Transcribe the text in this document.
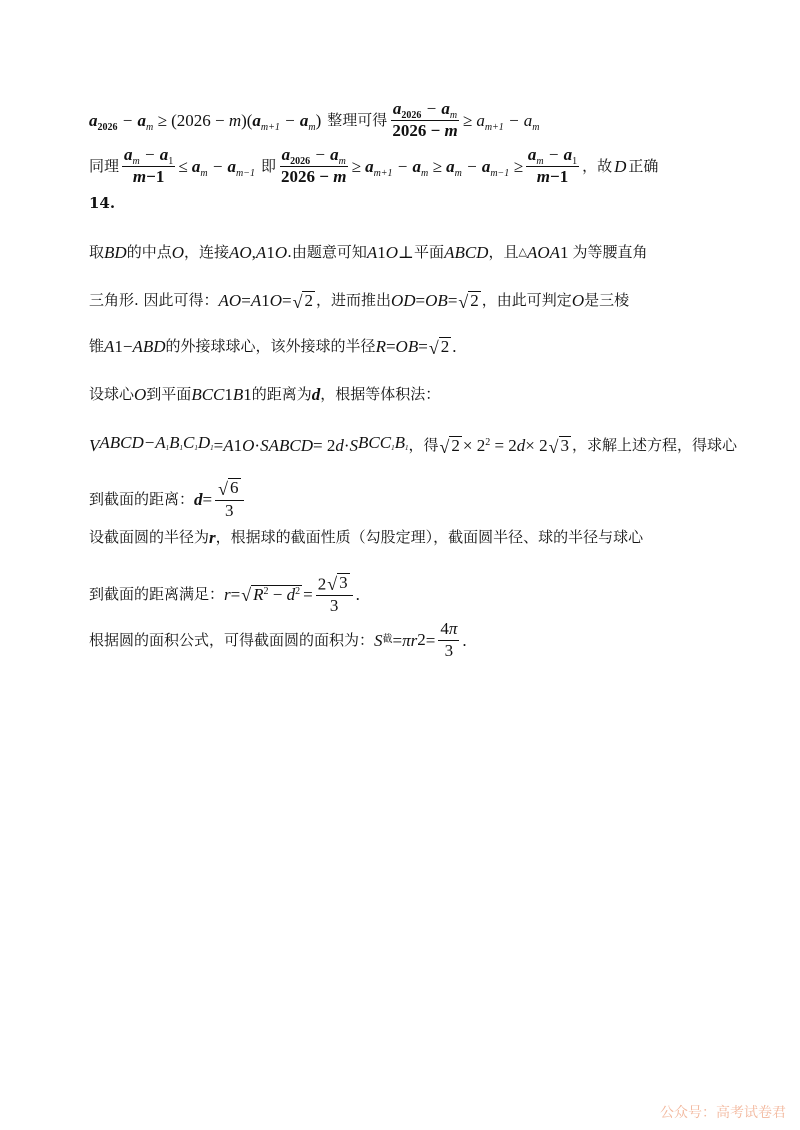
$a_{2026} - a_m \ge (2026 - m)(a_{m+1} - a_m)$ 整理可得 $\frac{a_{2026} - a_m}{2026 - m} \ge a_{m+1} - a_m$
同理 $\frac{a_m - a_1}{m-1} \le a_m - a_{m-1}$ 即 $\frac{a_{2026} - a_m}{2026 - m} \ge a_{m+1} - a_m \ge a_m - a_{m-1} \ge \frac{a_m - a_1}{m-1}$ ，故 D 正确
14.
取 BD 的中点 O ，连接 AO , A 1 O .由题意可知 A 1 O ⊥ 平面 ABCD ，且 △ AOA 1 为等腰直角
三角形. 因此可得： AO = A 1 O = √ 2 ，进而推出 OD = OB = √ 2 ，由此可判定 O 是三棱
锥 A 1 − ABD 的外接球球心，该外接球的半径 R = OB = √ 2 .
设球心 O 到平面 BCC 1 B 1 的距离为 d ，根据等体积法：
V $ABCD-A_1B_1C_1D_1 = A$ 1 O · S ABCD = 2 d · S $BCC_1B_1$ ，得 √ $2 \times 2^2 = 2$ d × 2 √ 3 ，求解上述方程，得球心
到截面的距离： $d = \frac{√ 6}{3}$
设截面圆的半径为 r ，根据球的截面性质（勾股定理），截面圆半径、球的半径与球心
到截面的距离满足： r = √ $R^2 - d^2 = \frac{2 √ 3}{3}$ .
根据圆的面积公式，可得截面圆的面积为： S 截 = πr $2 = \frac{4\pi}{3}$ .
公众号：高考试卷君
